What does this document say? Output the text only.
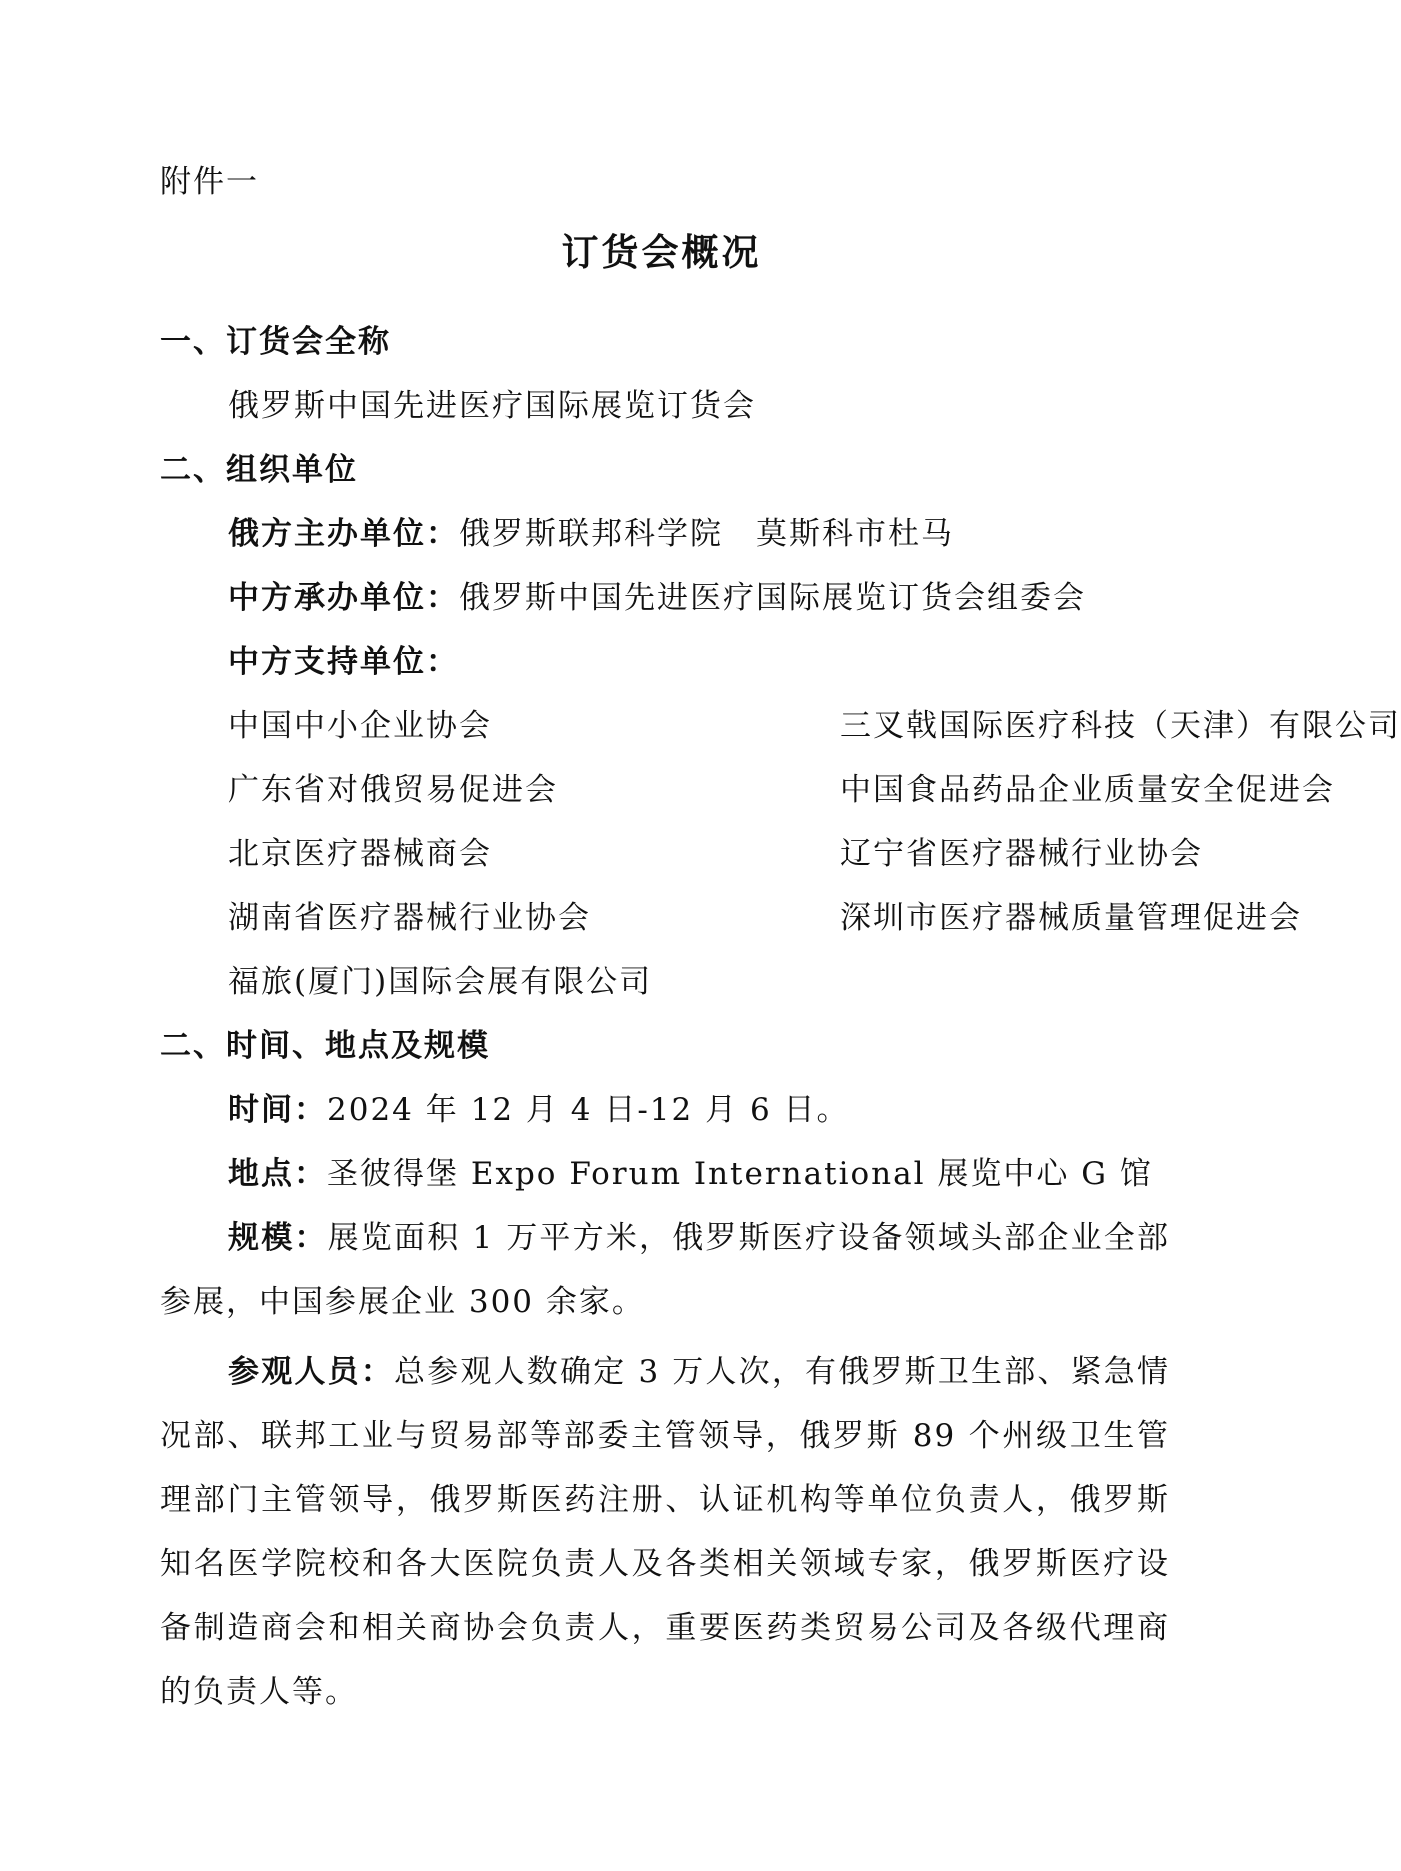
附件一
订货会概况
一、订货会全称
俄罗斯中国先进医疗国际展览订货会
二、组织单位
俄方主办单位：俄罗斯联邦科学院　莫斯科市杜马
中方承办单位：俄罗斯中国先进医疗国际展览订货会组委会
中方支持单位：
中国中小企业协会	三叉戟国际医疗科技（天津）有限公司
广东省对俄贸易促进会	中国食品药品企业质量安全促进会
北京医疗器械商会	辽宁省医疗器械行业协会
湖南省医疗器械行业协会	深圳市医疗器械质量管理促进会
福旅(厦门)国际会展有限公司
二、时间、地点及规模
时间：2024 年 12 月 4 日-12 月 6 日。
地点：圣彼得堡 Expo Forum International 展览中心 G 馆
规模：展览面积 1 万平方米，俄罗斯医疗设备领域头部企业全部参展，中国参展企业 300 余家。
参观人员：总参观人数确定 3 万人次，有俄罗斯卫生部、紧急情况部、联邦工业与贸易部等部委主管领导，俄罗斯 89 个州级卫生管理部门主管领导，俄罗斯医药注册、认证机构等单位负责人，俄罗斯知名医学院校和各大医院负责人及各类相关领域专家，俄罗斯医疗设备制造商会和相关商协会负责人，重要医药类贸易公司及各级代理商的负责人等。
